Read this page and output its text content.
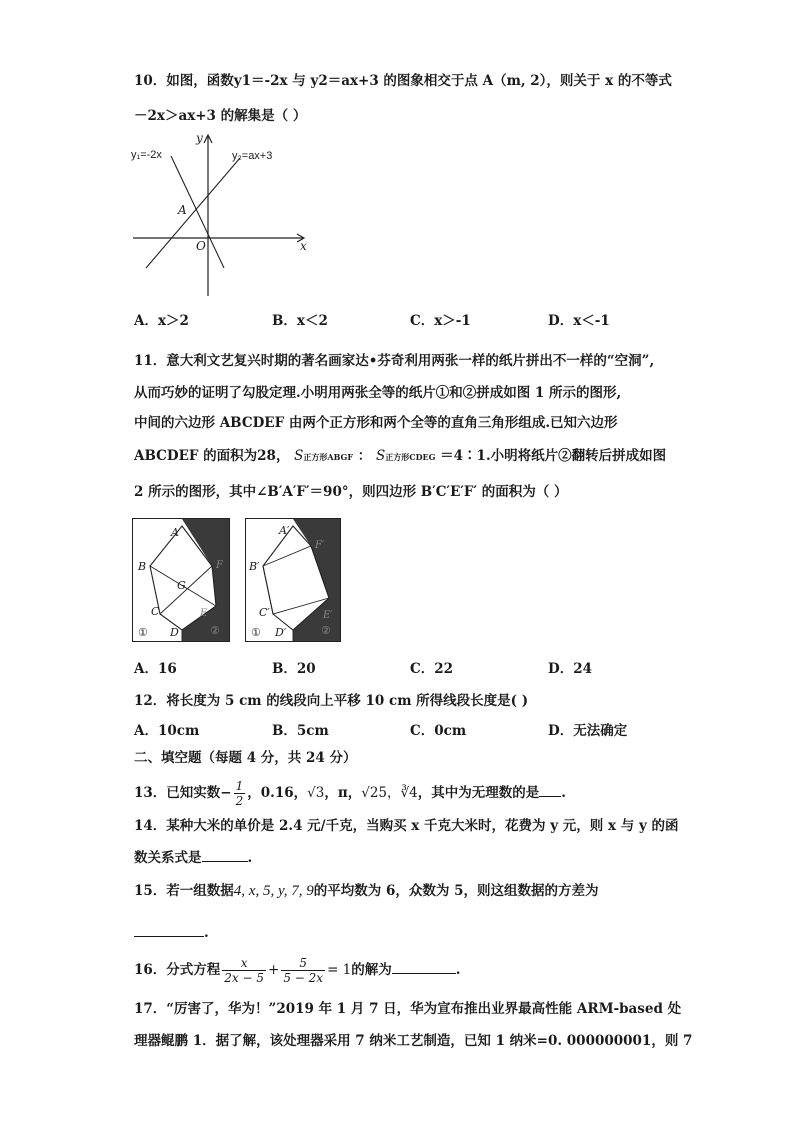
10．如图，函数y1＝-2x 与 y2＝ax+3 的图象相交于点 A（m, 2），则关于 x 的不等式
－2x＞ax+3 的解集是（ ）
y₁=-2x	y₂=ax+3
A
O	x
y
A．x＞2	B．x＜2	C．x＞-1	D．x＜-1
11．意大利文艺复兴时期的著名画家达•芬奇利用两张一样的纸片拼出不一样的“空洞”,
从而巧妙的证明了勾股定理.小明用两张全等的纸片①和②拼成如图 1 所示的图形,
中间的六边形 ABCDEF 由两个正方形和两个全等的直角三角形组成.已知六边形
ABCDEF 的面积为28， S正方形ABGF ： S正方形CDEG ＝4∶1.小明将纸片②翻转后拼成如图
2 所示的图形，其中∠B′A′F′＝90°，则四边形 B′C′E′F′ 的面积为（ ）
A
B
G
C
D
F
E
①	②
A′
B′
C′
D′
F′
E′
①	②
A．16	B．20	C．22	D．24
12．将长度为 5 cm 的线段向上平移 10 cm 所得线段长度是( )
A．10cm	B．5cm	C．0cm	D．无法确定
二、填空题（每题 4 分，共 24 分）
13．已知实数− $\frac{1}{2}$ ，0.16，√3，π，√25，∛4，其中为无理数的是 .
14．某种大米的单价是 2.4 元/千克，当购买 x 千克大米时，花费为 y 元，则 x 与 y 的函
数关系式是	.
15．若一组数据4, x, 5, y, 7, 9的平均数为 6，众数为 5，则这组数据的方差为
.
16．分式方程 $\frac{x}{2x - 5} + \frac{5}{5 - 2x} = 1$的解为	.
17．“厉害了，华为！”2019 年 1 月 7 日，华为宣布推出业界最高性能 ARM-based 处
理器鲲鹏 1．据了解，该处理器采用 7 纳米工艺制造，已知 1 纳米=0. 000000001，则 7
